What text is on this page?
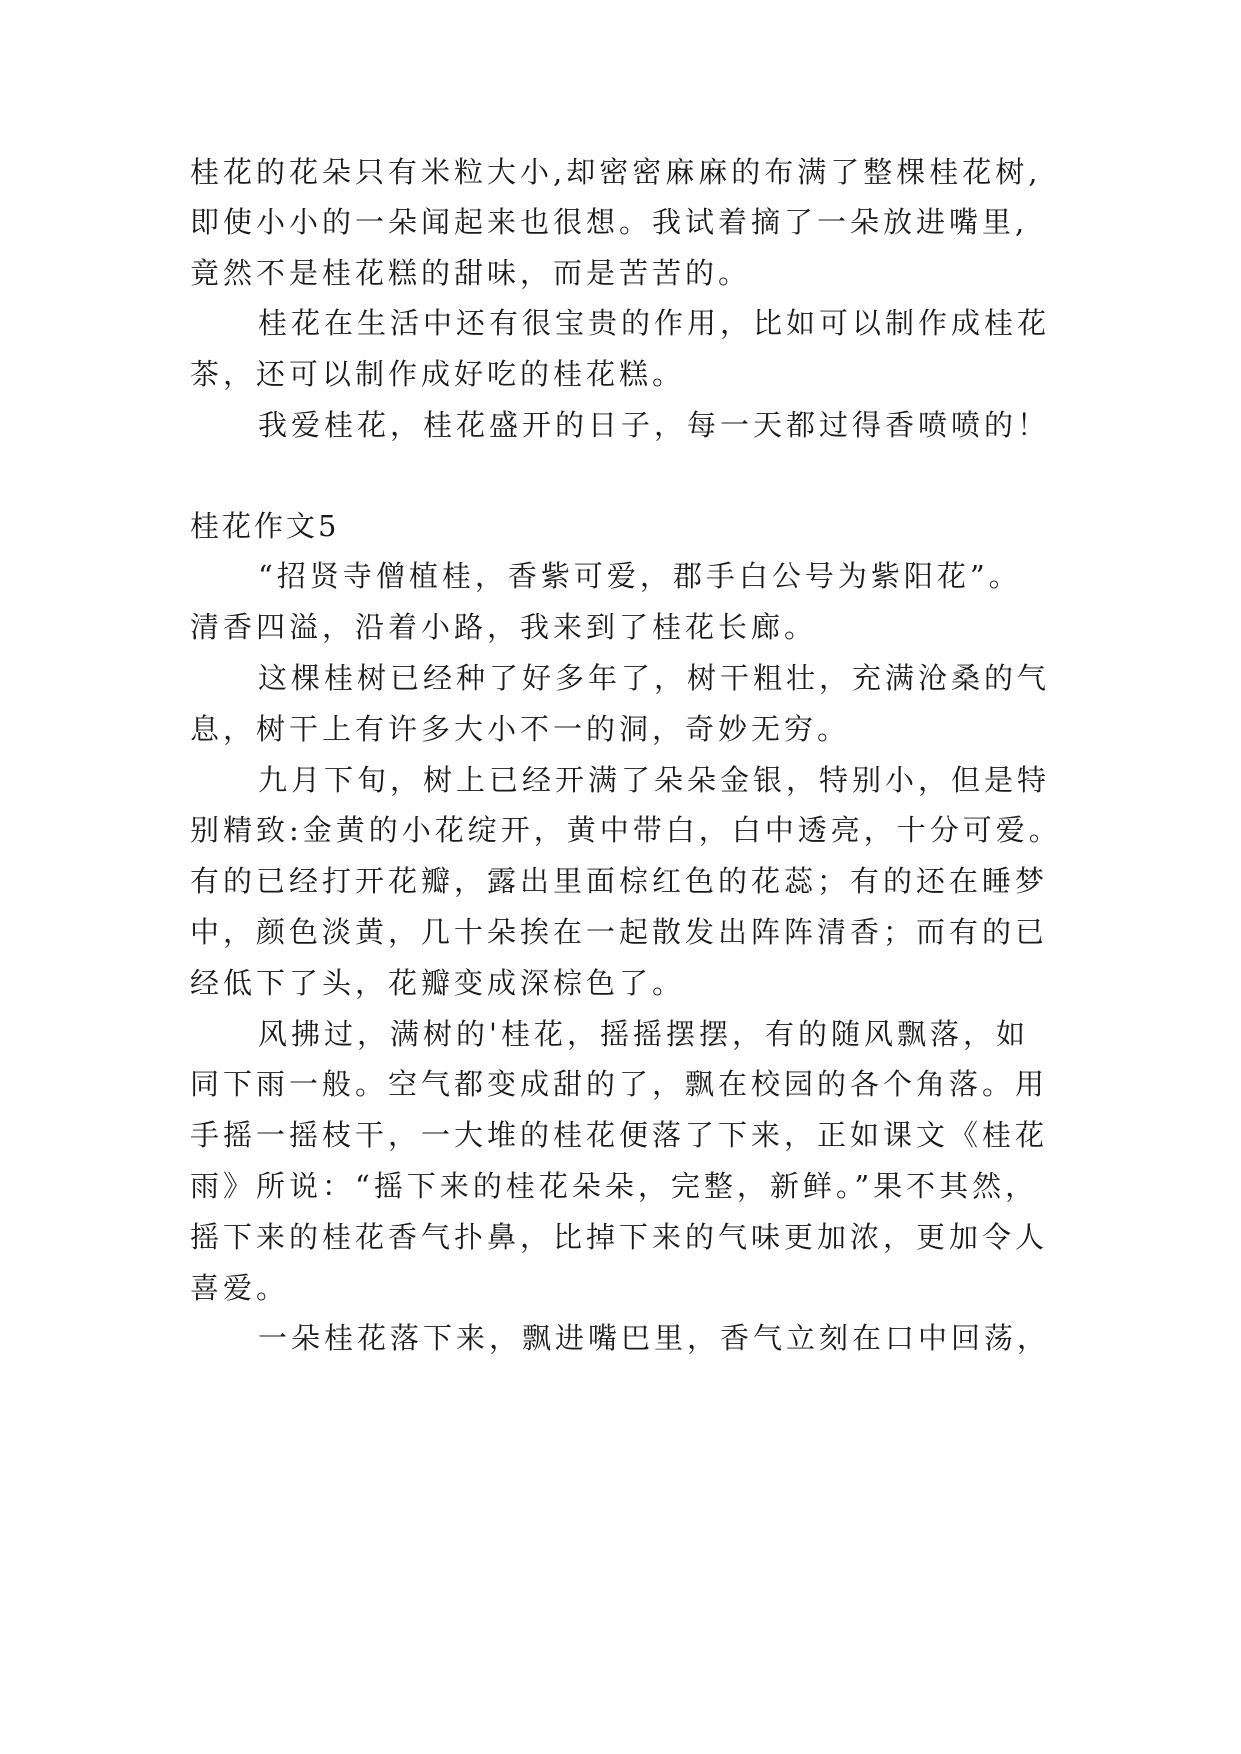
桂花的花朵只有米粒大小,却密密麻麻的布满了整棵桂花树,
即使小小的一朵闻起来也很想。我试着摘了一朵放进嘴里,
竟然不是桂花糕的甜味，而是苦苦的。
桂花在生活中还有很宝贵的作用，比如可以制作成桂花
茶，还可以制作成好吃的桂花糕。
我爱桂花，桂花盛开的日子，每一天都过得香喷喷的！
桂花作文5
“招贤寺僧植桂，香紫可爱，郡手白公号为紫阳花”。
清香四溢，沿着小路，我来到了桂花长廊。
这棵桂树已经种了好多年了，树干粗壮，充满沧桑的气
息，树干上有许多大小不一的洞，奇妙无穷。
九月下旬，树上已经开满了朵朵金银，特别小，但是特
别精致:金黄的小花绽开，黄中带白，白中透亮，十分可爱。
有的已经打开花瓣，露出里面棕红色的花蕊；有的还在睡梦
中，颜色淡黄，几十朵挨在一起散发出阵阵清香；而有的已
经低下了头，花瓣变成深棕色了。
风拂过，满树的'桂花，摇摇摆摆，有的随风飘落，如
同下雨一般。空气都变成甜的了，飘在校园的各个角落。用
手摇一摇枝干，一大堆的桂花便落了下来，正如课文《桂花
雨》所说：“摇下来的桂花朵朵，完整，新鲜。”果不其然，
摇下来的桂花香气扑鼻，比掉下来的气味更加浓，更加令人
喜爱。
一朵桂花落下来，飘进嘴巴里，香气立刻在口中回荡，
